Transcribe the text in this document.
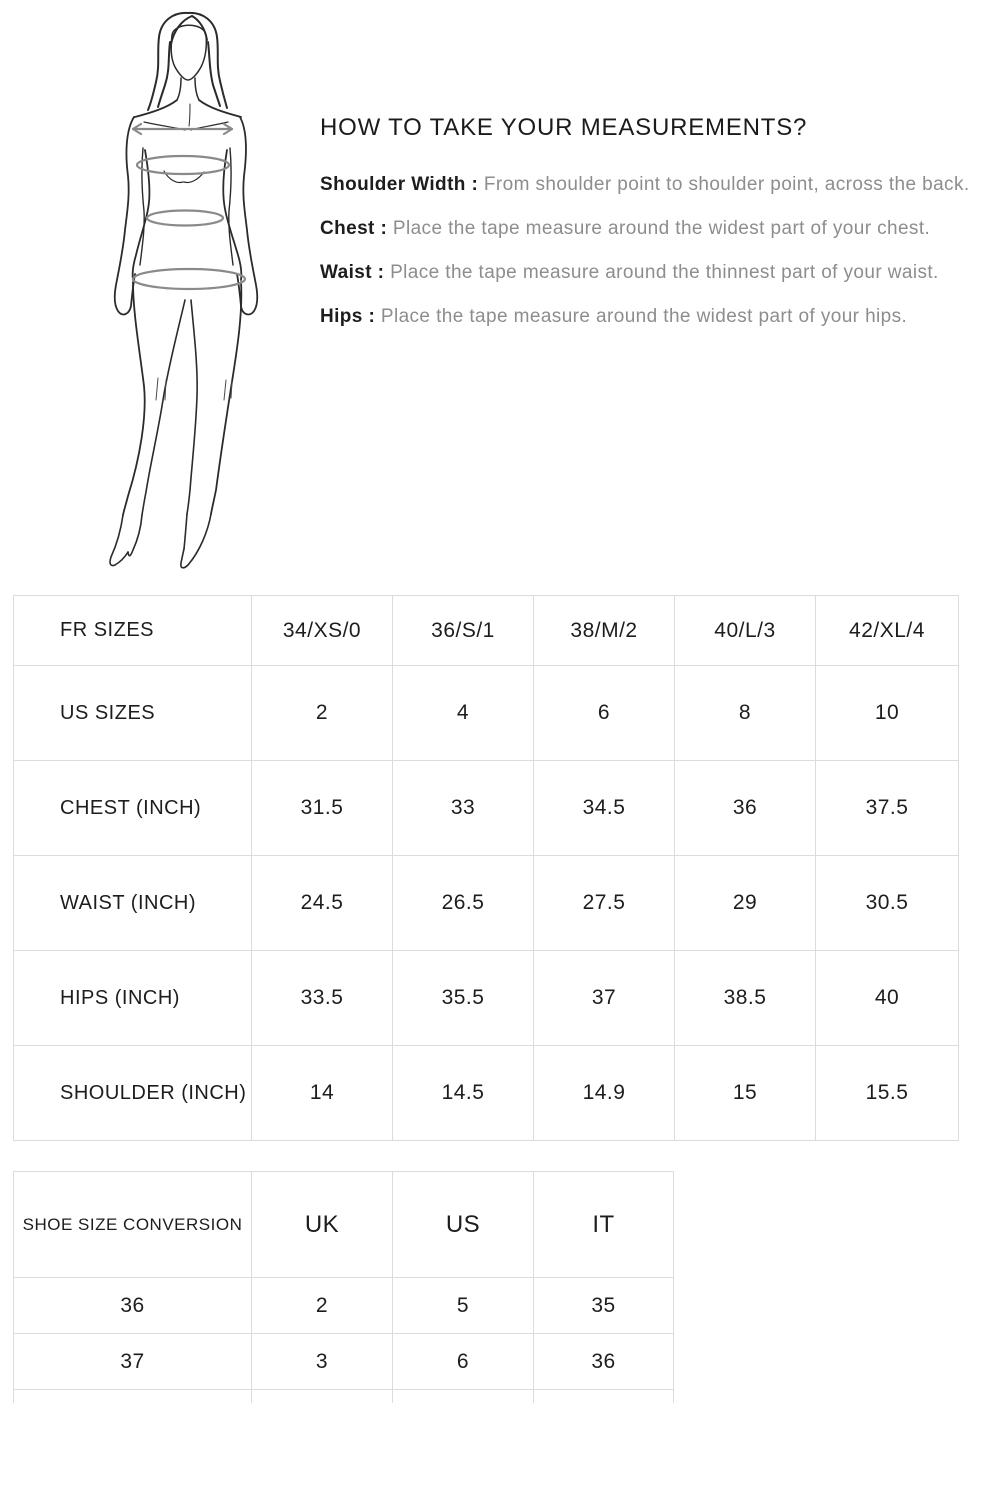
HOW TO TAKE YOUR MEASUREMENTS?

Shoulder Width : From shoulder point to shoulder point, across the back.

Chest : Place the tape measure around the widest part of your chest.

Waist : Place the tape measure around the thinnest part of your waist.

Hips : Place the tape measure around the widest part of your hips.

FR SIZES	34/XS/0	36/S/1	38/M/2	40/L/3	42/XL/4
US SIZES	2	4	6	8	10
CHEST (INCH)	31.5	33	34.5	36	37.5
WAIST (INCH)	24.5	26.5	27.5	29	30.5
HIPS (INCH)	33.5	35.5	37	38.5	40
SHOULDER (INCH)	14	14.5	14.9	15	15.5
SHOE SIZE CONVERSION	UK	US	IT
36	2	5	35
37	3	6	36
